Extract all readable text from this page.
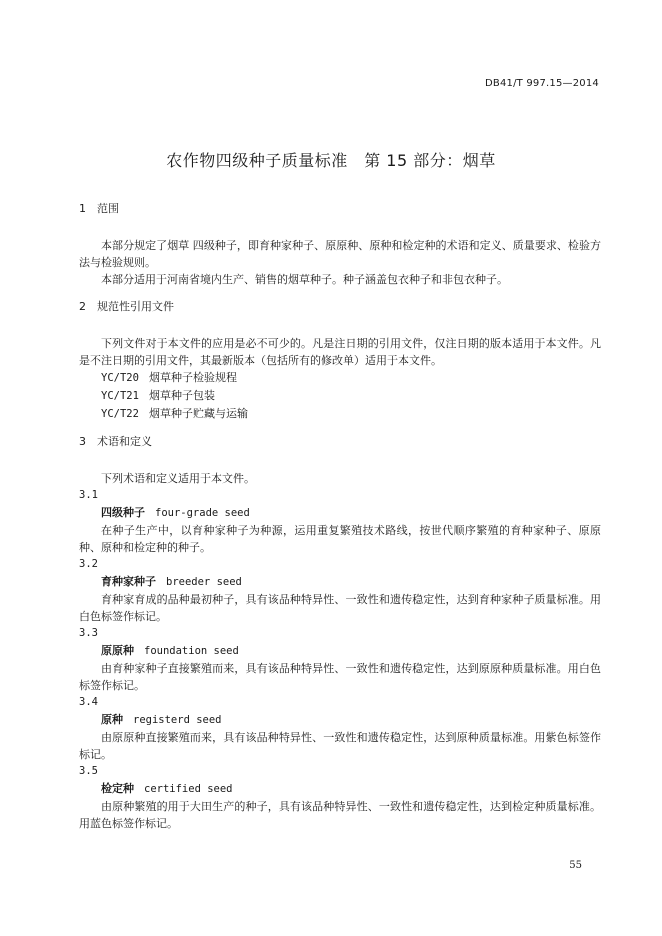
DB41/T 997.15—2014
农作物四级种子质量标准　第 15 部分：烟草
1 范围
本部分规定了烟草 四级种子，即育种家种子、原原种、原种和检定种的术语和定义、质量要求、检验方法与检验规则。
本部分适用于河南省境内生产、销售的烟草种子。种子涵盖包衣种子和非包衣种子。
2 规范性引用文件
下列文件对于本文件的应用是必不可少的。凡是注日期的引用文件，仅注日期的版本适用于本文件。凡是不注日期的引用文件，其最新版本（包括所有的修改单）适用于本文件。
YC/T20 烟草种子检验规程
YC/T21 烟草种子包装
YC/T22 烟草种子贮藏与运输
3 术语和定义
下列术语和定义适用于本文件。
3.1
四级种子 four-grade seed
在种子生产中，以育种家种子为种源，运用重复繁殖技术路线，按世代顺序繁殖的育种家种子、原原种、原种和检定种的种子。
3.2
育种家种子 breeder seed
育种家育成的品种最初种子，具有该品种特异性、一致性和遗传稳定性，达到育种家种子质量标准。用白色标签作标记。
3.3
原原种 foundation seed
由育种家种子直接繁殖而来，具有该品种特异性、一致性和遗传稳定性，达到原原种质量标准。用白色标签作标记。
3.4
原种 registerd seed
由原原种直接繁殖而来，具有该品种特异性、一致性和遗传稳定性，达到原种质量标准。用紫色标签作标记。
3.5
检定种 certified seed
由原种繁殖的用于大田生产的种子，具有该品种特异性、一致性和遗传稳定性，达到检定种质量标准。用蓝色标签作标记。
55
